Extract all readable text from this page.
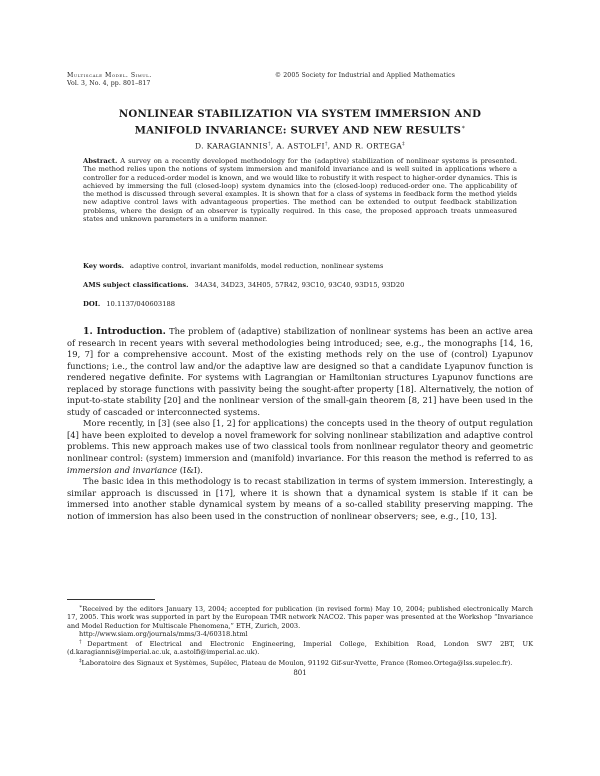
Multiscale Model. Simul.
Vol. 3, No. 4, pp. 801–817
© 2005 Society for Industrial and Applied Mathematics
NONLINEAR STABILIZATION VIA SYSTEM IMMERSION AND
MANIFOLD INVARIANCE: SURVEY AND NEW RESULTS∗
D. KARAGIANNIS†, A. ASTOLFI†, AND R. ORTEGA‡
Abstract. A survey on a recently developed methodology for the (adaptive) stabilization of nonlinear systems is presented. The method relies upon the notions of system immersion and manifold invariance and is well suited in applications where a controller for a reduced-order model is known, and we would like to robustify it with respect to higher-order dynamics. This is achieved by immersing the full (closed-loop) system dynamics into the (closed-loop) reduced-order one. The applicability of the method is discussed through several examples. It is shown that for a class of systems in feedback form the method yields new adaptive control laws with advantageous properties. The method can be extended to output feedback stabilization problems, where the design of an observer is typically required. In this case, the proposed approach treats unmeasured states and unknown parameters in a uniform manner.
Key words. adaptive control, invariant manifolds, model reduction, nonlinear systems
AMS subject classifications. 34A34, 34D23, 34H05, 57R42, 93C10, 93C40, 93D15, 93D20
DOI. 10.1137/040603188

1. Introduction. The problem of (adaptive) stabilization of nonlinear systems has been an active area of research in recent years with several methodologies being introduced; see, e.g., the monographs [14, 16, 19, 7] for a comprehensive account. Most of the existing methods rely on the use of (control) Lyapunov functions; i.e., the control law and/or the adaptive law are designed so that a candidate Lyapunov function is rendered negative definite. For systems with Lagrangian or Hamiltonian structures Lyapunov functions are replaced by storage functions with passivity being the sought-after property [18]. Alternatively, the notion of input-to-state stability [20] and the nonlinear version of the small-gain theorem [8, 21] have been used in the study of cascaded or interconnected systems.

More recently, in [3] (see also [1, 2] for applications) the concepts used in the theory of output regulation [4] have been exploited to develop a novel framework for solving nonlinear stabilization and adaptive control problems. This new approach makes use of two classical tools from nonlinear regulator theory and geometric nonlinear control: (system) immersion and (manifold) invariance. For this reason the method is referred to as immersion and invariance (I&I).

The basic idea in this methodology is to recast stabilization in terms of system immersion. Interestingly, a similar approach is discussed in [17], where it is shown that a dynamical system is stable if it can be immersed into another stable dynamical system by means of a so-called stability preserving mapping. The notion of immersion has also been used in the construction of nonlinear observers; see, e.g., [10, 13].

∗Received by the editors January 13, 2004; accepted for publication (in revised form) May 10, 2004; published electronically March 17, 2005. This work was supported in part by the European TMR network NACO2. This paper was presented at the Workshop “Invariance and Model Reduction for Multiscale Phenomena,” ETH, Zurich, 2003.

http://www.siam.org/journals/mms/3-4/60318.html

†Department of Electrical and Electronic Engineering, Imperial College, Exhibition Road, London SW7 2BT, UK (d.karagiannis@imperial.ac.uk, a.astolfi@imperial.ac.uk).

‡Laboratoire des Signaux et Systèmes, Supélec, Plateau de Moulon, 91192 Gif-sur-Yvette, France (Romeo.Ortega@lss.supelec.fr).

801
